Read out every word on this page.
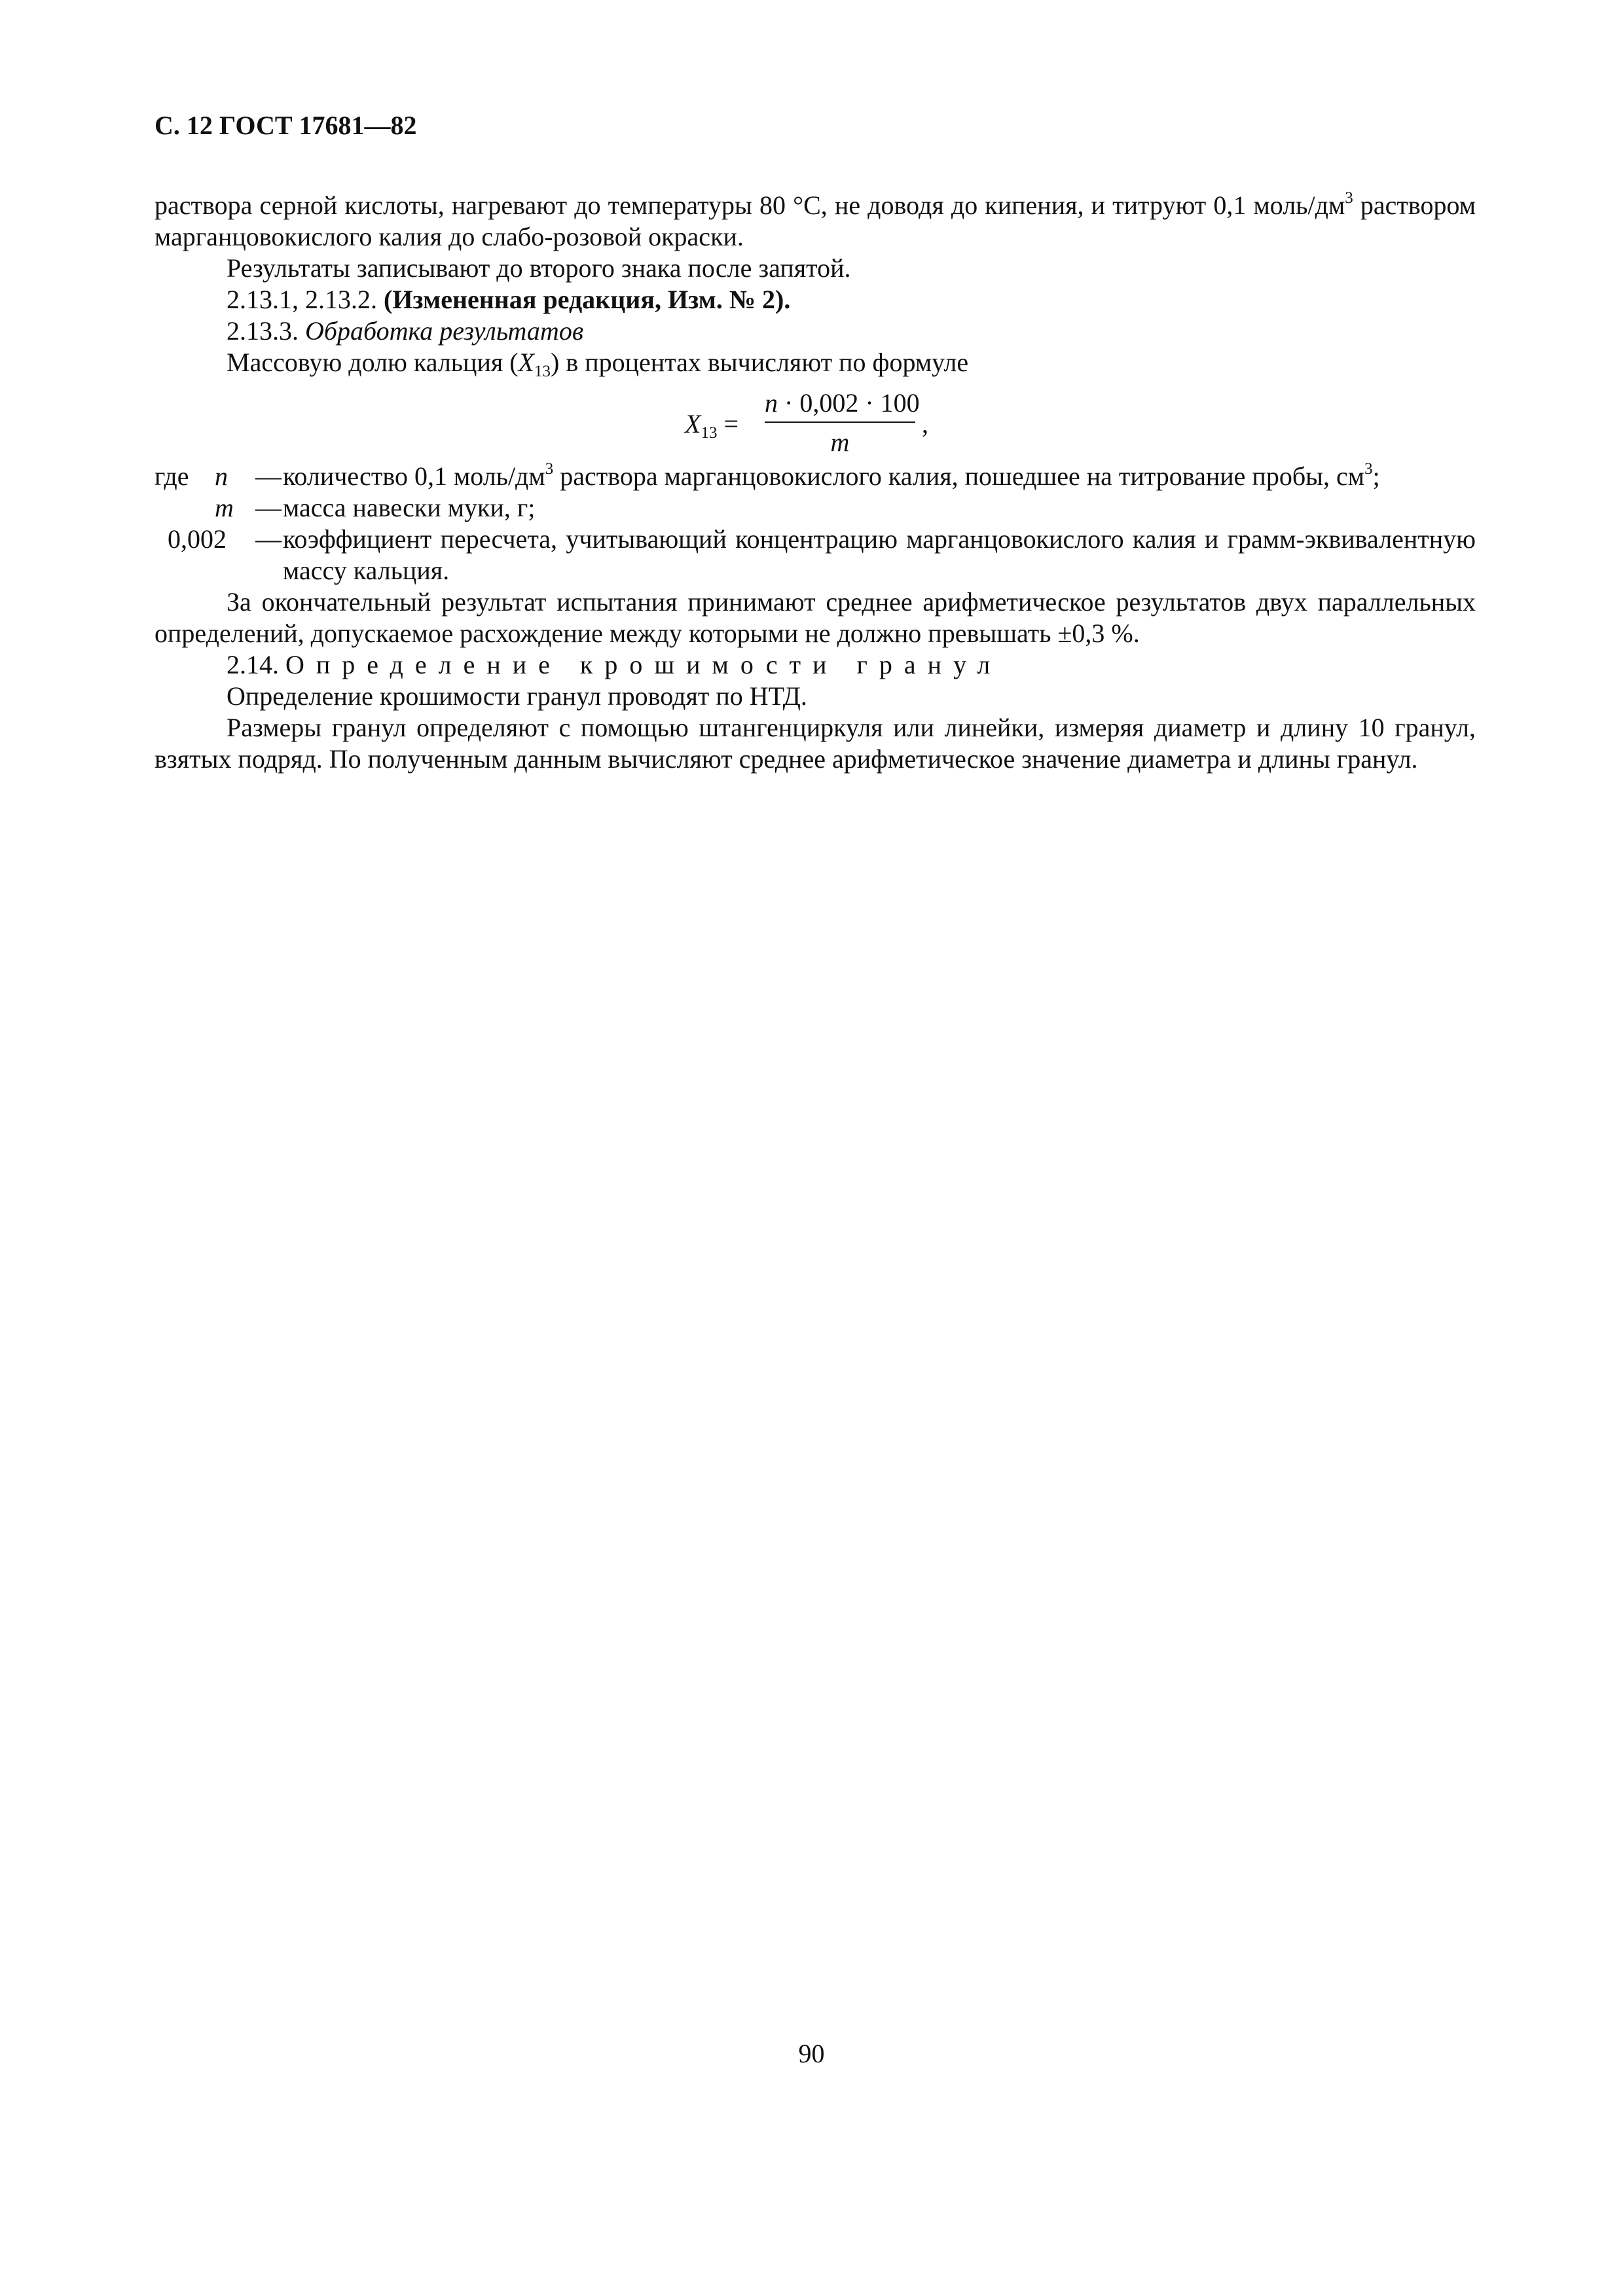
С. 12 ГОСТ 17681—82

раствора серной кислоты, нагревают до температуры 80 °С, не доводя до кипения, и титруют 0,1 моль/$дм^3$ раствором марганцовокислого калия до слабо-розовой окраски.

Результаты записывают до второго знака после запятой.

2.13.1, 2.13.2. (Измененная редакция, Изм. № 2).

2.13.3. Обработка результатов

Массовую долю кальция $(X_{13})$ в процентах вычисляют по формуле

$X_{13}$ =
n · 0,002 · 100
m
,
где n — количество 0,1 моль/$дм^3$ раствора марганцовокислого калия, пошедшее на титрование пробы, $см^3$;
m — масса навески муки, г;
0,002 — коэффициент пересчета, учитывающий концентрацию марганцовокислого калия и грамм-эквивалентную массу кальция.

За окончательный результат испытания принимают среднее арифметическое результатов двух параллельных определений, допускаемое расхождение между которыми не должно превышать ±0,3 %.

2.14. Определение крошимости гранул

Определение крошимости гранул проводят по НТД.

Размеры гранул определяют с помощью штангенциркуля или линейки, измеряя диаметр и длину 10 гранул, взятых подряд. По полученным данным вычисляют среднее арифметическое значение диаметра и длины гранул.

90
